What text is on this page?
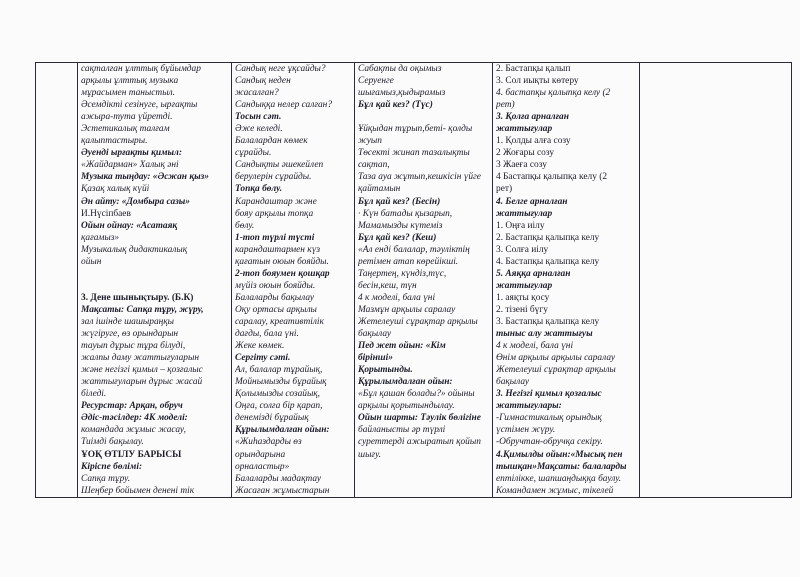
сақталған ұлттық бұйымдар
арқылы ұлттық музыка
мұрасымен таныстыл.
Әсемдікті сезінуге, ырғақты
ажыра-тута үйретді.
Эстетикалық талғам
қалыптастыры.
Әуенді ырғақты қимыл:
«Жайдарман» Халық әні
Музыка тыңдау: «Әсжан қыз»
Қазақ халық күйі
Ән айту: «Домбыра сазы»
И.Нүсіпбаев
Ойын ойнау: «Асатаяқ
қағамыз»
Музыкалық дидактикалық
ойын

3. Дене шынықтыру. (Б.К)
Мақсаты: Сапқа тұру, жүру,
зал ішінде шашыраңқы
жүгіруге, өз орындарын
тауып дұрыс тұра білуді,
жалпы даму жаттығуларын
және негізгі қимыл – қозғалыс
жаттығуларын дұрыс жасай
біледі.
Ресурстар: Арқан, обруч
Әдіс-тәсілдер: 4К моделі:
командада жұмыс жасау,
Тиімді бақылау.
ҰОҚ ӨТІЛУ БАРЫСЫ
Кіріспе бөлімі:
Сапқа тұру.
Шеңбер бойымен денені тік

Сандық неге ұқсайды?
Сандық неден
жасалған?
Сандыққа нелер салған?
Тосын сәт.
Әже келеді.
Балалардан көмек
сұрайды.
Сандықты әшекейлеп
берулерін сұрайды.
Топқа бөлу.
Карандаштар және
бояу арқылы топқа
бөлу.
1-топ түрлі түсті
карандаштармен күз
қағатын оюын бояйды.
2-топ бояумен қошқар
мүйіз оюын бояйды.
Балаларды бақылау
Оқу ортасы арқылы
саралау, креативтілік
дағды, бала үні.
Жеке көмек.
Сергіту сәті.
Ал, балалар тұрайық,
Мойнымызды бұрайық
Қолымызды созайық,
Оңға, солға бір қарап,
денемізді бұрайық
Құрылымдалған ойын:
«Жиһаздарды өз
орындарына
орналастыр»
Балаларды мадақтау
Жасаған жұмыстарын

Сабақты да оқымыз
Серуенге
шығамыз,қыдырамыз
Бұл қай кез? (Түс)

Ұйқыдан тұрып,беті- қолды
жуып
Төсекті жинап тазалықты
сақтап,
Таза ауа жұтып,кешкісін үйге
қайтамын
Бұл қай кез? (Бесін)
· Күн батады қызарып,
Мамамызды күтеміз
Бұл қай кез? (Кеш)
«Ал енді балалар, тәуліктің
ретімен атап көрейікші.
Таңертең, күндіз,түс,
бесін,кеш, түн
4 к моделі, бала үні
Мазмұн арқылы саралау
Жетелеуші сұрақтар арқылы
бақылау
Пед жет ойын: «Кім
бірінші»
Қорытынды.
Құрылымдалған ойын:
«Бұл қашан болады?» ойыны
арқылы қорытындылау.
Ойын шарты: Тәулік бөлігіне
байланысты әр түрлі
суреттерді ажыратып қойып
шығу.

2. Бастапқы қалып
3. Сол иықты көтеру
4. бастапқы қалыпқа келу (2
рет)
3. Қолға арналған
жаттығулар
1. Қолды алға созу
2 Жоғары созу
3 Жаеға созу
4 Бастапқы қалыпқа келу (2
рет)
4. Белге арналған
жаттығулар
1. Оңға иілу
2. Бастапқы қалыпқа келу
3. Солға иілу
4. Бастапқы қалыпқа келу
5. Аяққа арналған
жаттығулар
1. аяқты қосу
2. тізені бүгу
3. Бастапқы қалыпқа келу
тыныс алу жаттығуы
4 к моделі, бала үні
Өнім арқылы арқылы саралау
Жетелеуші сұрақтар арқылы
бақылау
3. Негізгі қимыл қозғалыс
жаттығулары:
-Гимнастикалық орындық
үстімен жүру.
-Обручтан-обручқа секіру.
4.Қимылды ойын:«Мысық пен
тышқан»Мақсаты: балаларды
ептілікке, шапшаңдыққа баулу.
Командамен жұмыс, тікелей
